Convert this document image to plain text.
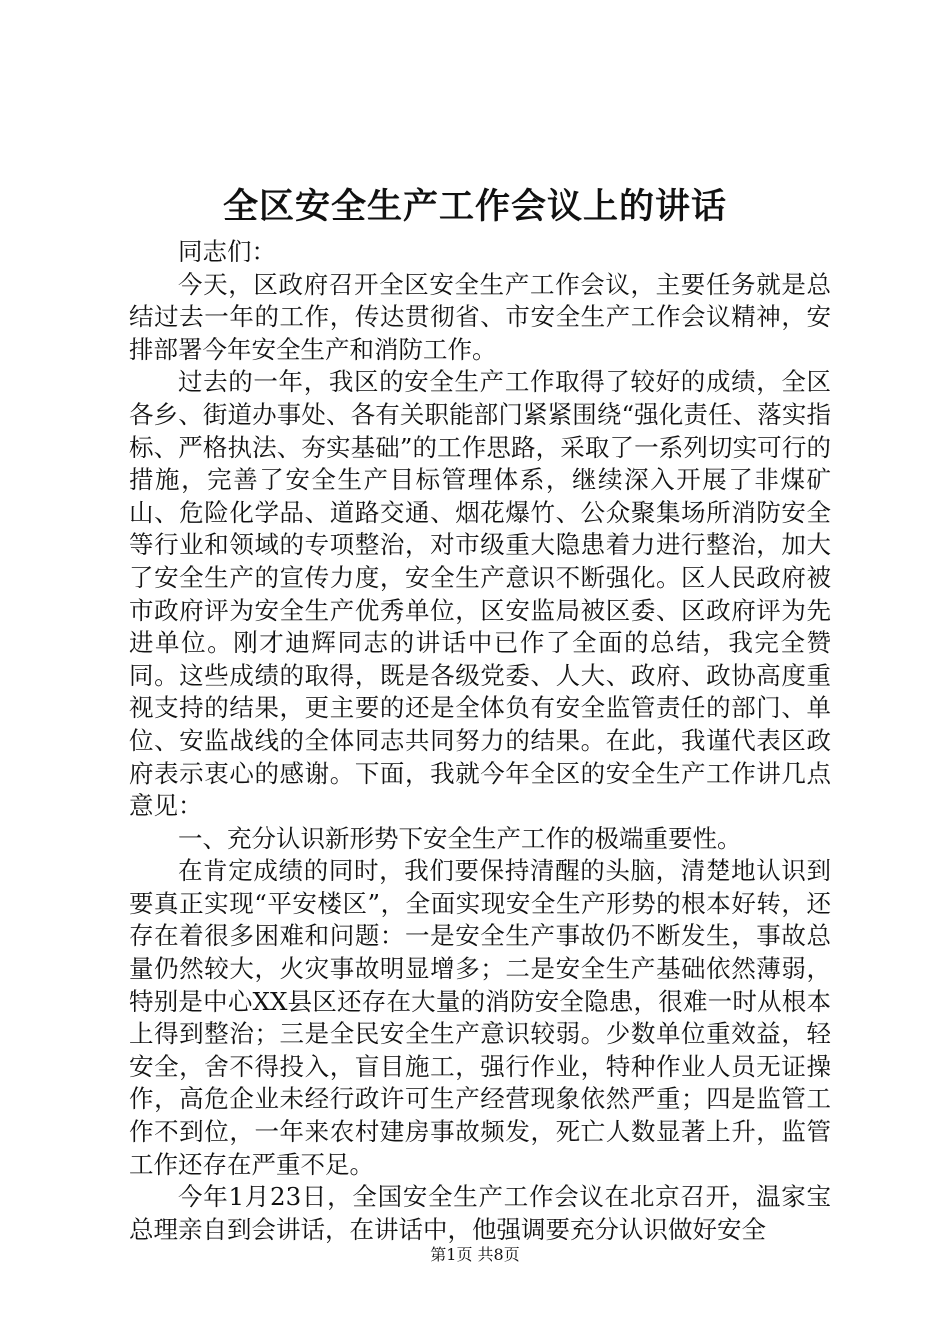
全区安全生产工作会议上的讲话

同志们：

今天，区政府召开全区安全生产工作会议，主要任务就是总结过去一年的工作，传达贯彻省、市安全生产工作会议精神，安排部署今年安全生产和消防工作。

过去的一年，我区的安全生产工作取得了较好的成绩，全区各乡、街道办事处、各有关职能部门紧紧围绕“强化责任、落实指标、严格执法、夯实基础”的工作思路，采取了一系列切实可行的措施，完善了安全生产目标管理体系，继续深入开展了非煤矿山、危险化学品、道路交通、烟花爆竹、公众聚集场所消防安全等行业和领域的专项整治，对市级重大隐患着力进行整治，加大了安全生产的宣传力度，安全生产意识不断强化。区人民政府被市政府评为安全生产优秀单位，区安监局被区委、区政府评为先进单位。刚才迪辉同志的讲话中已作了全面的总结，我完全赞同。这些成绩的取得，既是各级党委、人大、政府、政协高度重视支持的结果，更主要的还是全体负有安全监管责任的部门、单位、安监战线的全体同志共同努力的结果。在此，我谨代表区政府表示衷心的感谢。下面，我就今年全区的安全生产工作讲几点意见：

一、充分认识新形势下安全生产工作的极端重要性。

在肯定成绩的同时，我们要保持清醒的头脑，清楚地认识到要真正实现“平安楼区”，全面实现安全生产形势的根本好转，还存在着很多困难和问题：一是安全生产事故仍不断发生，事故总量仍然较大，火灾事故明显增多；二是安全生产基础依然薄弱，特别是中心XX县区还存在大量的消防安全隐患，很难一时从根本上得到整治；三是全民安全生产意识较弱。少数单位重效益，轻安全，舍不得投入，盲目施工，强行作业，特种作业人员无证操作，高危企业未经行政许可生产经营现象依然严重；四是监管工作不到位，一年来农村建房事故频发，死亡人数显著上升，监管工作还存在严重不足。

今年1月23日，全国安全生产工作会议在北京召开，温家宝总理亲自到会讲话，在讲话中，他强调要充分认识做好安全

第1页 共8页
